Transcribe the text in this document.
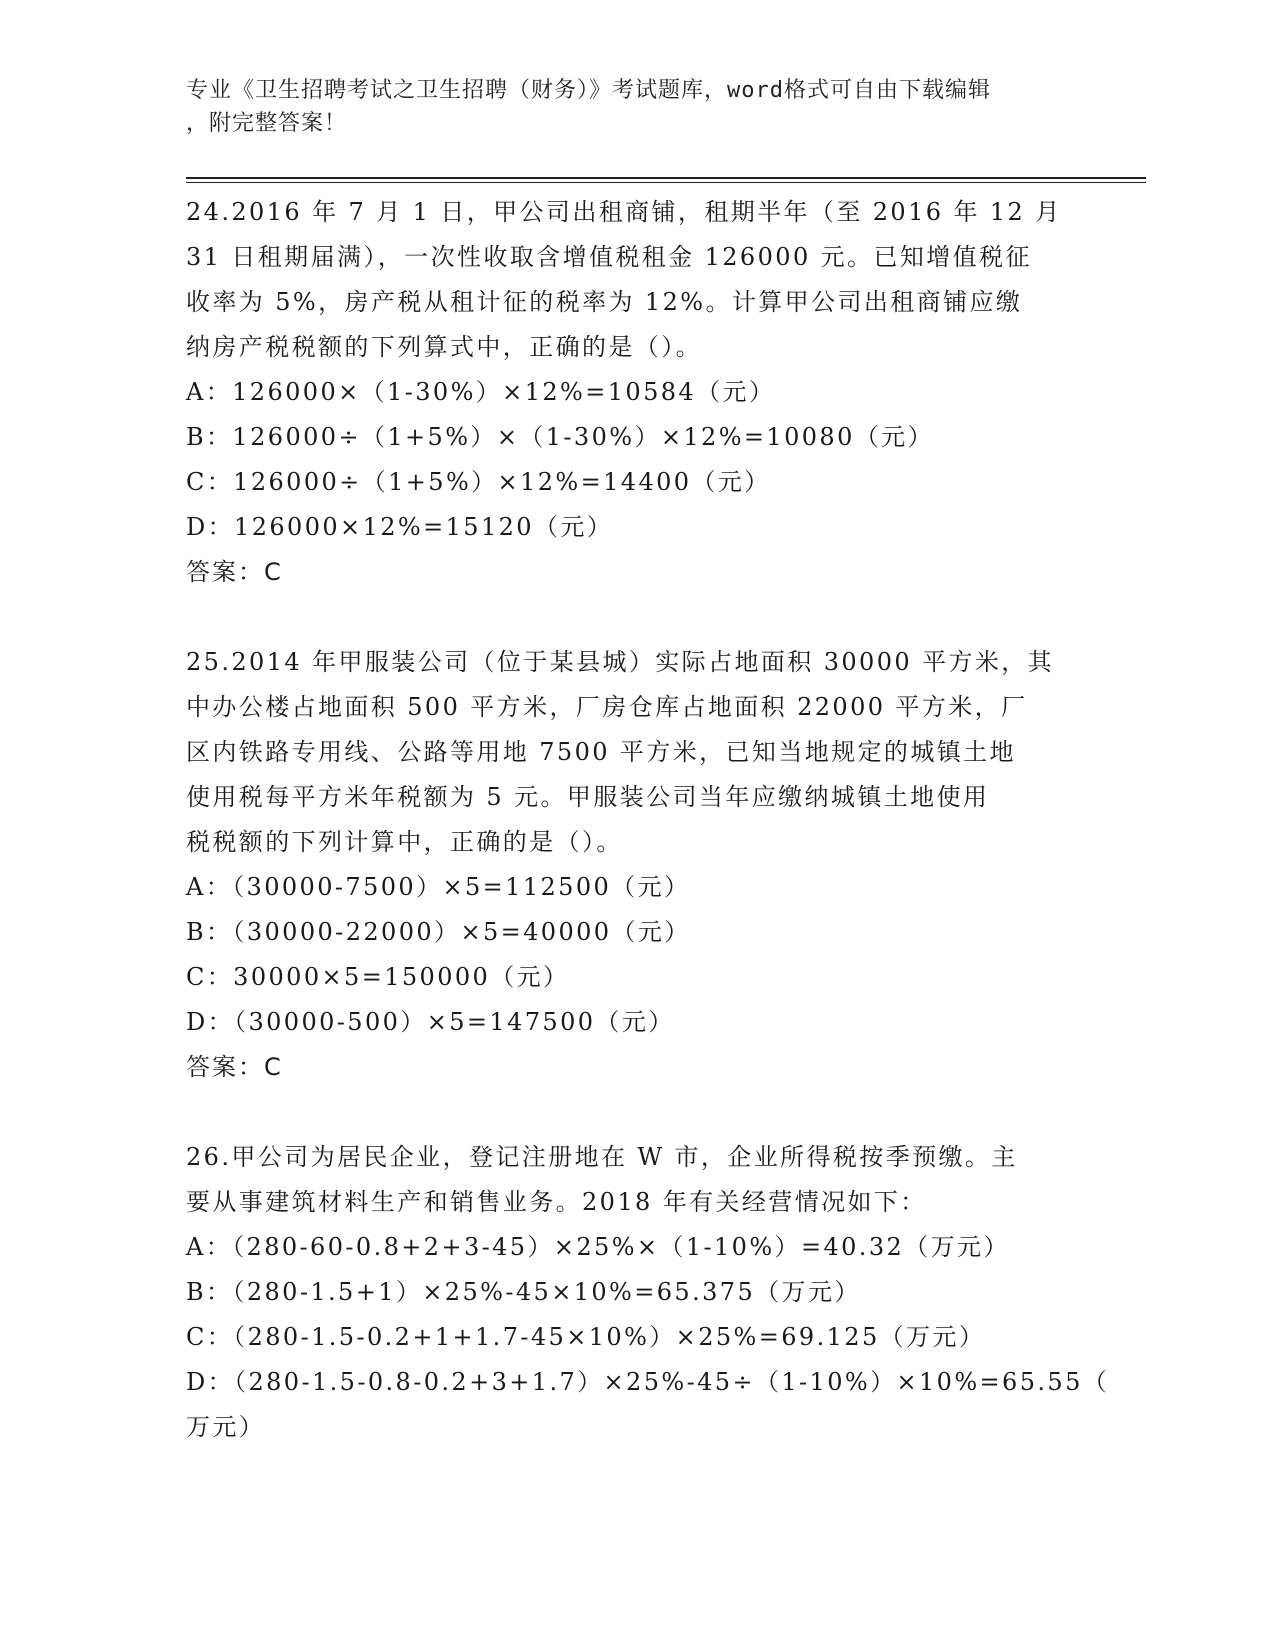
专业《卫生招聘考试之卫生招聘（财务）》考试题库，word格式可自由下载编辑
，附完整答案！
24.2016 年 7 月 1 日，甲公司出租商铺，租期半年（至 2016 年 12 月
31 日租期届满），一次性收取含增值税租金 126000 元。已知增值税征
收率为 5%，房产税从租计征的税率为 12%。计算甲公司出租商铺应缴
纳房产税税额的下列算式中，正确的是（）。
A：126000×（1-30%）×12%=10584（元）
B：126000÷（1+5%）×（1-30%）×12%=10080（元）
C：126000÷（1+5%）×12%=14400（元）
D：126000×12%=15120（元）
答案：C
25.2014 年甲服装公司（位于某县城）实际占地面积 30000 平方米，其
中办公楼占地面积 500 平方米，厂房仓库占地面积 22000 平方米，厂
区内铁路专用线、公路等用地 7500 平方米，已知当地规定的城镇土地
使用税每平方米年税额为 5 元。甲服装公司当年应缴纳城镇土地使用
税税额的下列计算中，正确的是（）。
A：（30000-7500）×5=112500（元）
B：（30000-22000）×5=40000（元）
C：30000×5=150000（元）
D：（30000-500）×5=147500（元）
答案：C
26.甲公司为居民企业，登记注册地在 W 市，企业所得税按季预缴。主
要从事建筑材料生产和销售业务。2018 年有关经营情况如下：
A：（280-60-0.8+2+3-45）×25%×（1-10%）=40.32（万元）
B：（280-1.5+1）×25%-45×10%=65.375（万元）
C：（280-1.5-0.2+1+1.7-45×10%）×25%=69.125（万元）
D：（280-1.5-0.8-0.2+3+1.7）×25%-45÷（1-10%）×10%=65.55（
万元）
